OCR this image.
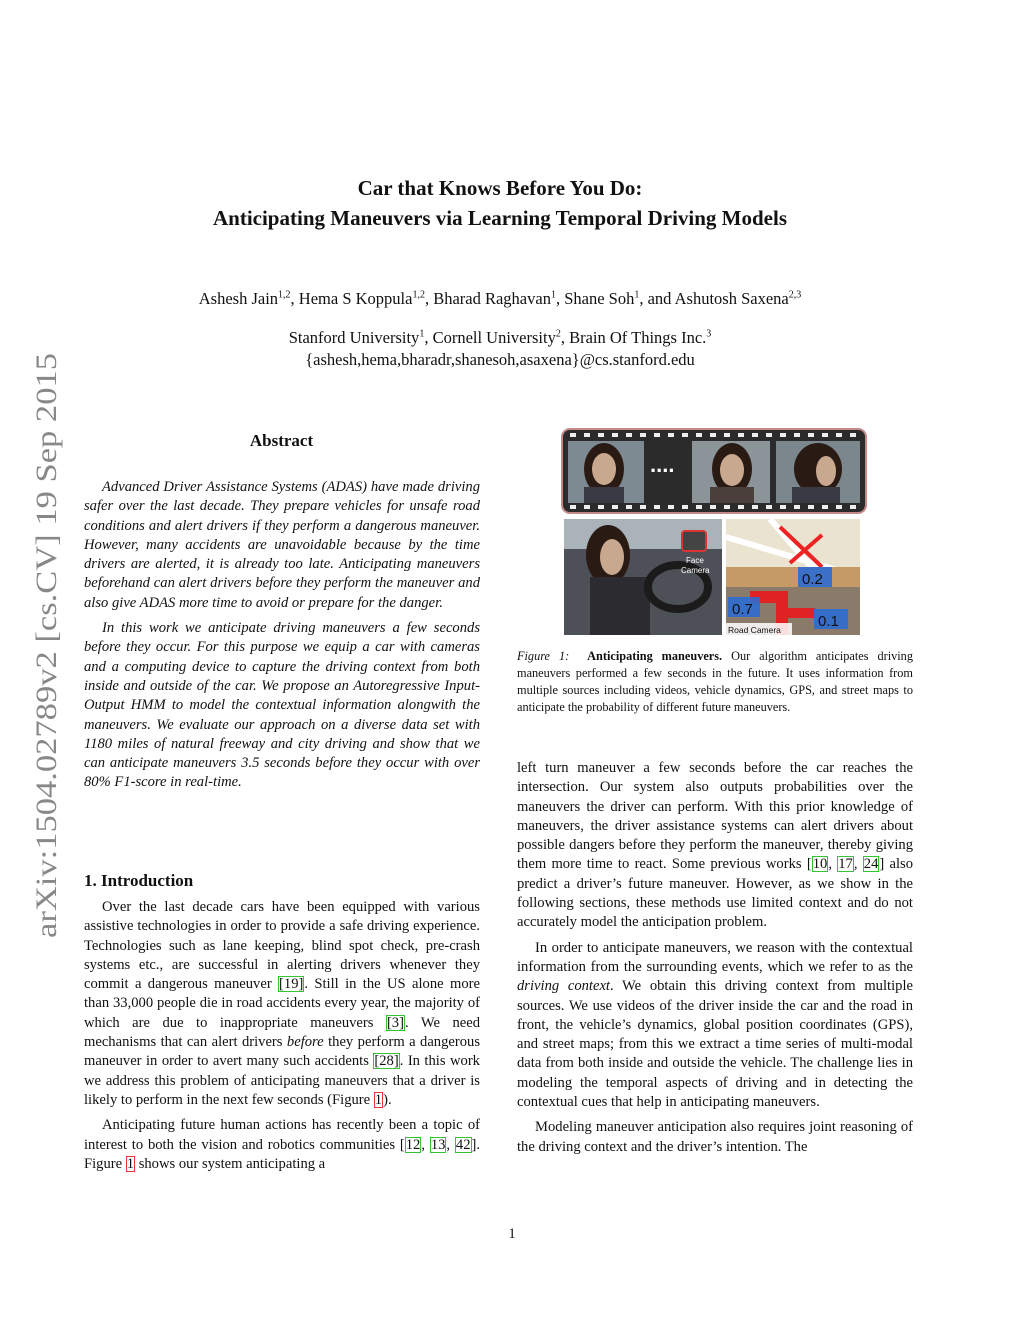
arXiv:1504.02789v2 [cs.CV] 19 Sep 2015
Car that Knows Before You Do:
Anticipating Maneuvers via Learning Temporal Driving Models
Ashesh Jain$^{1,2}$, Hema S Koppula$^{1,2}$, Bharad Raghavan$^1$, Shane Soh$^1$, and Ashutosh Saxena$^{2,3}$
Stanford University$^1$, Cornell University$^2$, Brain Of Things Inc.$^3$
{ashesh,hema,bharadr,shanesoh,asaxena}@cs.stanford.edu
Abstract

Advanced Driver Assistance Systems (ADAS) have made driving safer over the last decade. They prepare vehicles for unsafe road conditions and alert drivers if they perform a dangerous maneuver. However, many accidents are unavoidable because by the time drivers are alerted, it is already too late. Anticipating maneuvers beforehand can alert drivers before they perform the maneuver and also give ADAS more time to avoid or prepare for the danger.

In this work we anticipate driving maneuvers a few seconds before they occur. For this purpose we equip a car with cameras and a computing device to capture the driving context from both inside and outside of the car. We propose an Autoregressive Input-Output HMM to model the contextual information alongwith the maneuvers. We evaluate our approach on a diverse data set with 1180 miles of natural freeway and city driving and show that we can anticipate maneuvers 3.5 seconds before they occur with over 80% F1-score in real-time.

1. Introduction

Over the last decade cars have been equipped with various assistive technologies in order to provide a safe driving experience. Technologies such as lane keeping, blind spot check, pre-crash systems etc., are successful in alerting drivers whenever they commit a dangerous maneuver [19]. Still in the US alone more than 33,000 people die in road accidents every year, the majority of which are due to inappropriate maneuvers [3]. We need mechanisms that can alert drivers before they perform a dangerous maneuver in order to avert many such accidents [28]. In this work we address this problem of anticipating maneuvers that a driver is likely to perform in the next few seconds (Figure 1).

Anticipating future human actions has recently been a topic of interest to both the vision and robotics communities [12, 13, 42]. Figure 1 shows our system anticipating a

....
Face Camera
0.2
0.7
0.1
Road Camera
Figure 1: Anticipating maneuvers. Our algorithm anticipates driving maneuvers performed a few seconds in the future. It uses information from multiple sources including videos, vehicle dynamics, GPS, and street maps to anticipate the probability of different future maneuvers.

left turn maneuver a few seconds before the car reaches the intersection. Our system also outputs probabilities over the maneuvers the driver can perform. With this prior knowledge of maneuvers, the driver assistance systems can alert drivers about possible dangers before they perform the maneuver, thereby giving them more time to react. Some previous works [10, 17, 24] also predict a driver’s future maneuver. However, as we show in the following sections, these methods use limited context and do not accurately model the anticipation problem.

In order to anticipate maneuvers, we reason with the contextual information from the surrounding events, which we refer to as the driving context. We obtain this driving context from multiple sources. We use videos of the driver inside the car and the road in front, the vehicle’s dynamics, global position coordinates (GPS), and street maps; from this we extract a time series of multi-modal data from both inside and outside the vehicle. The challenge lies in modeling the temporal aspects of driving and in detecting the contextual cues that help in anticipating maneuvers.

Modeling maneuver anticipation also requires joint reasoning of the driving context and the driver’s intention. The

1
